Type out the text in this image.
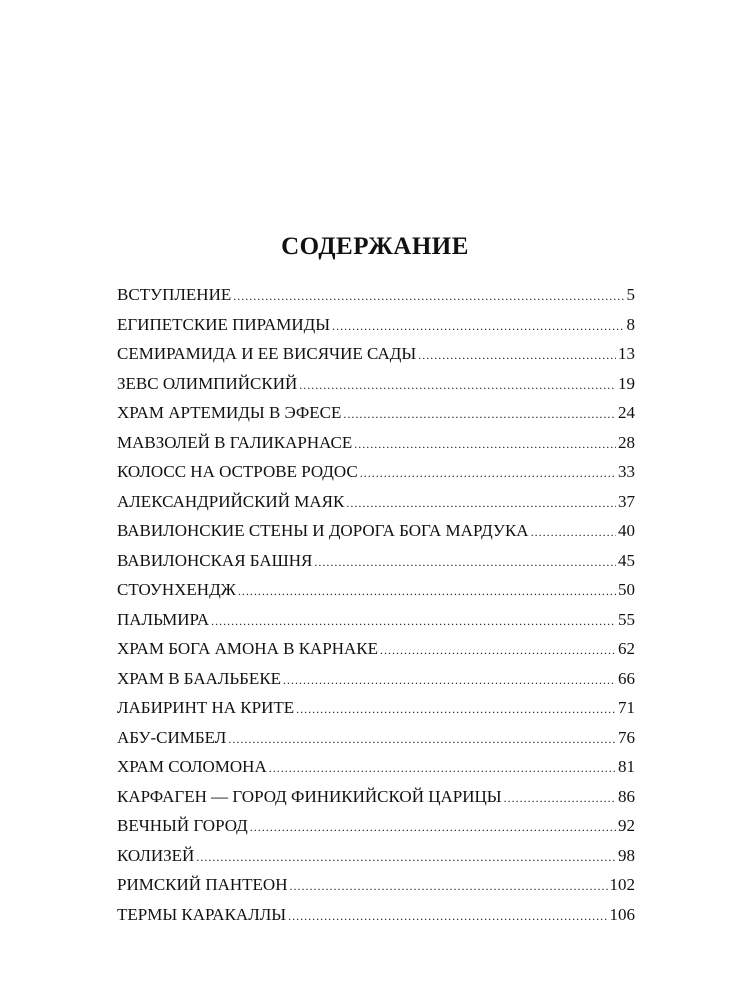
СОДЕРЖАНИЕ
ВСТУПЛЕНИЕ .....	5
ЕГИПЕТСКИЕ ПИРАМИДЫ .....	8
СЕМИРАМИДА И ЕЕ ВИСЯЧИЕ САДЫ .....	13
ЗЕВС ОЛИМПИЙСКИЙ .....	19
ХРАМ АРТЕМИДЫ В ЭФЕСЕ .....	24
МАВЗОЛЕЙ В ГАЛИКАРНАСЕ .....	28
КОЛОСС НА ОСТРОВЕ РОДОС .....	33
АЛЕКСАНДРИЙСКИЙ МАЯК .....	37
ВАВИЛОНСКИЕ СТЕНЫ И ДОРОГА БОГА МАРДУКА .....	40
ВАВИЛОНСКАЯ БАШНЯ .....	45
СТОУНХЕНДЖ .....	50
ПАЛЬМИРА .....	55
ХРАМ БОГА АМОНА В КАРНАКЕ .....	62
ХРАМ В БААЛЬБЕКЕ .....	66
ЛАБИРИНТ НА КРИТЕ .....	71
АБУ-СИМБЕЛ .....	76
ХРАМ СОЛОМОНА .....	81
КАРФАГЕН — ГОРОД ФИНИКИЙСКОЙ ЦАРИЦЫ .....	86
ВЕЧНЫЙ ГОРОД .....	92
КОЛИЗЕЙ .....	98
РИМСКИЙ ПАНТЕОН .....	102
ТЕРМЫ КАРАКАЛЛЫ .....	106
